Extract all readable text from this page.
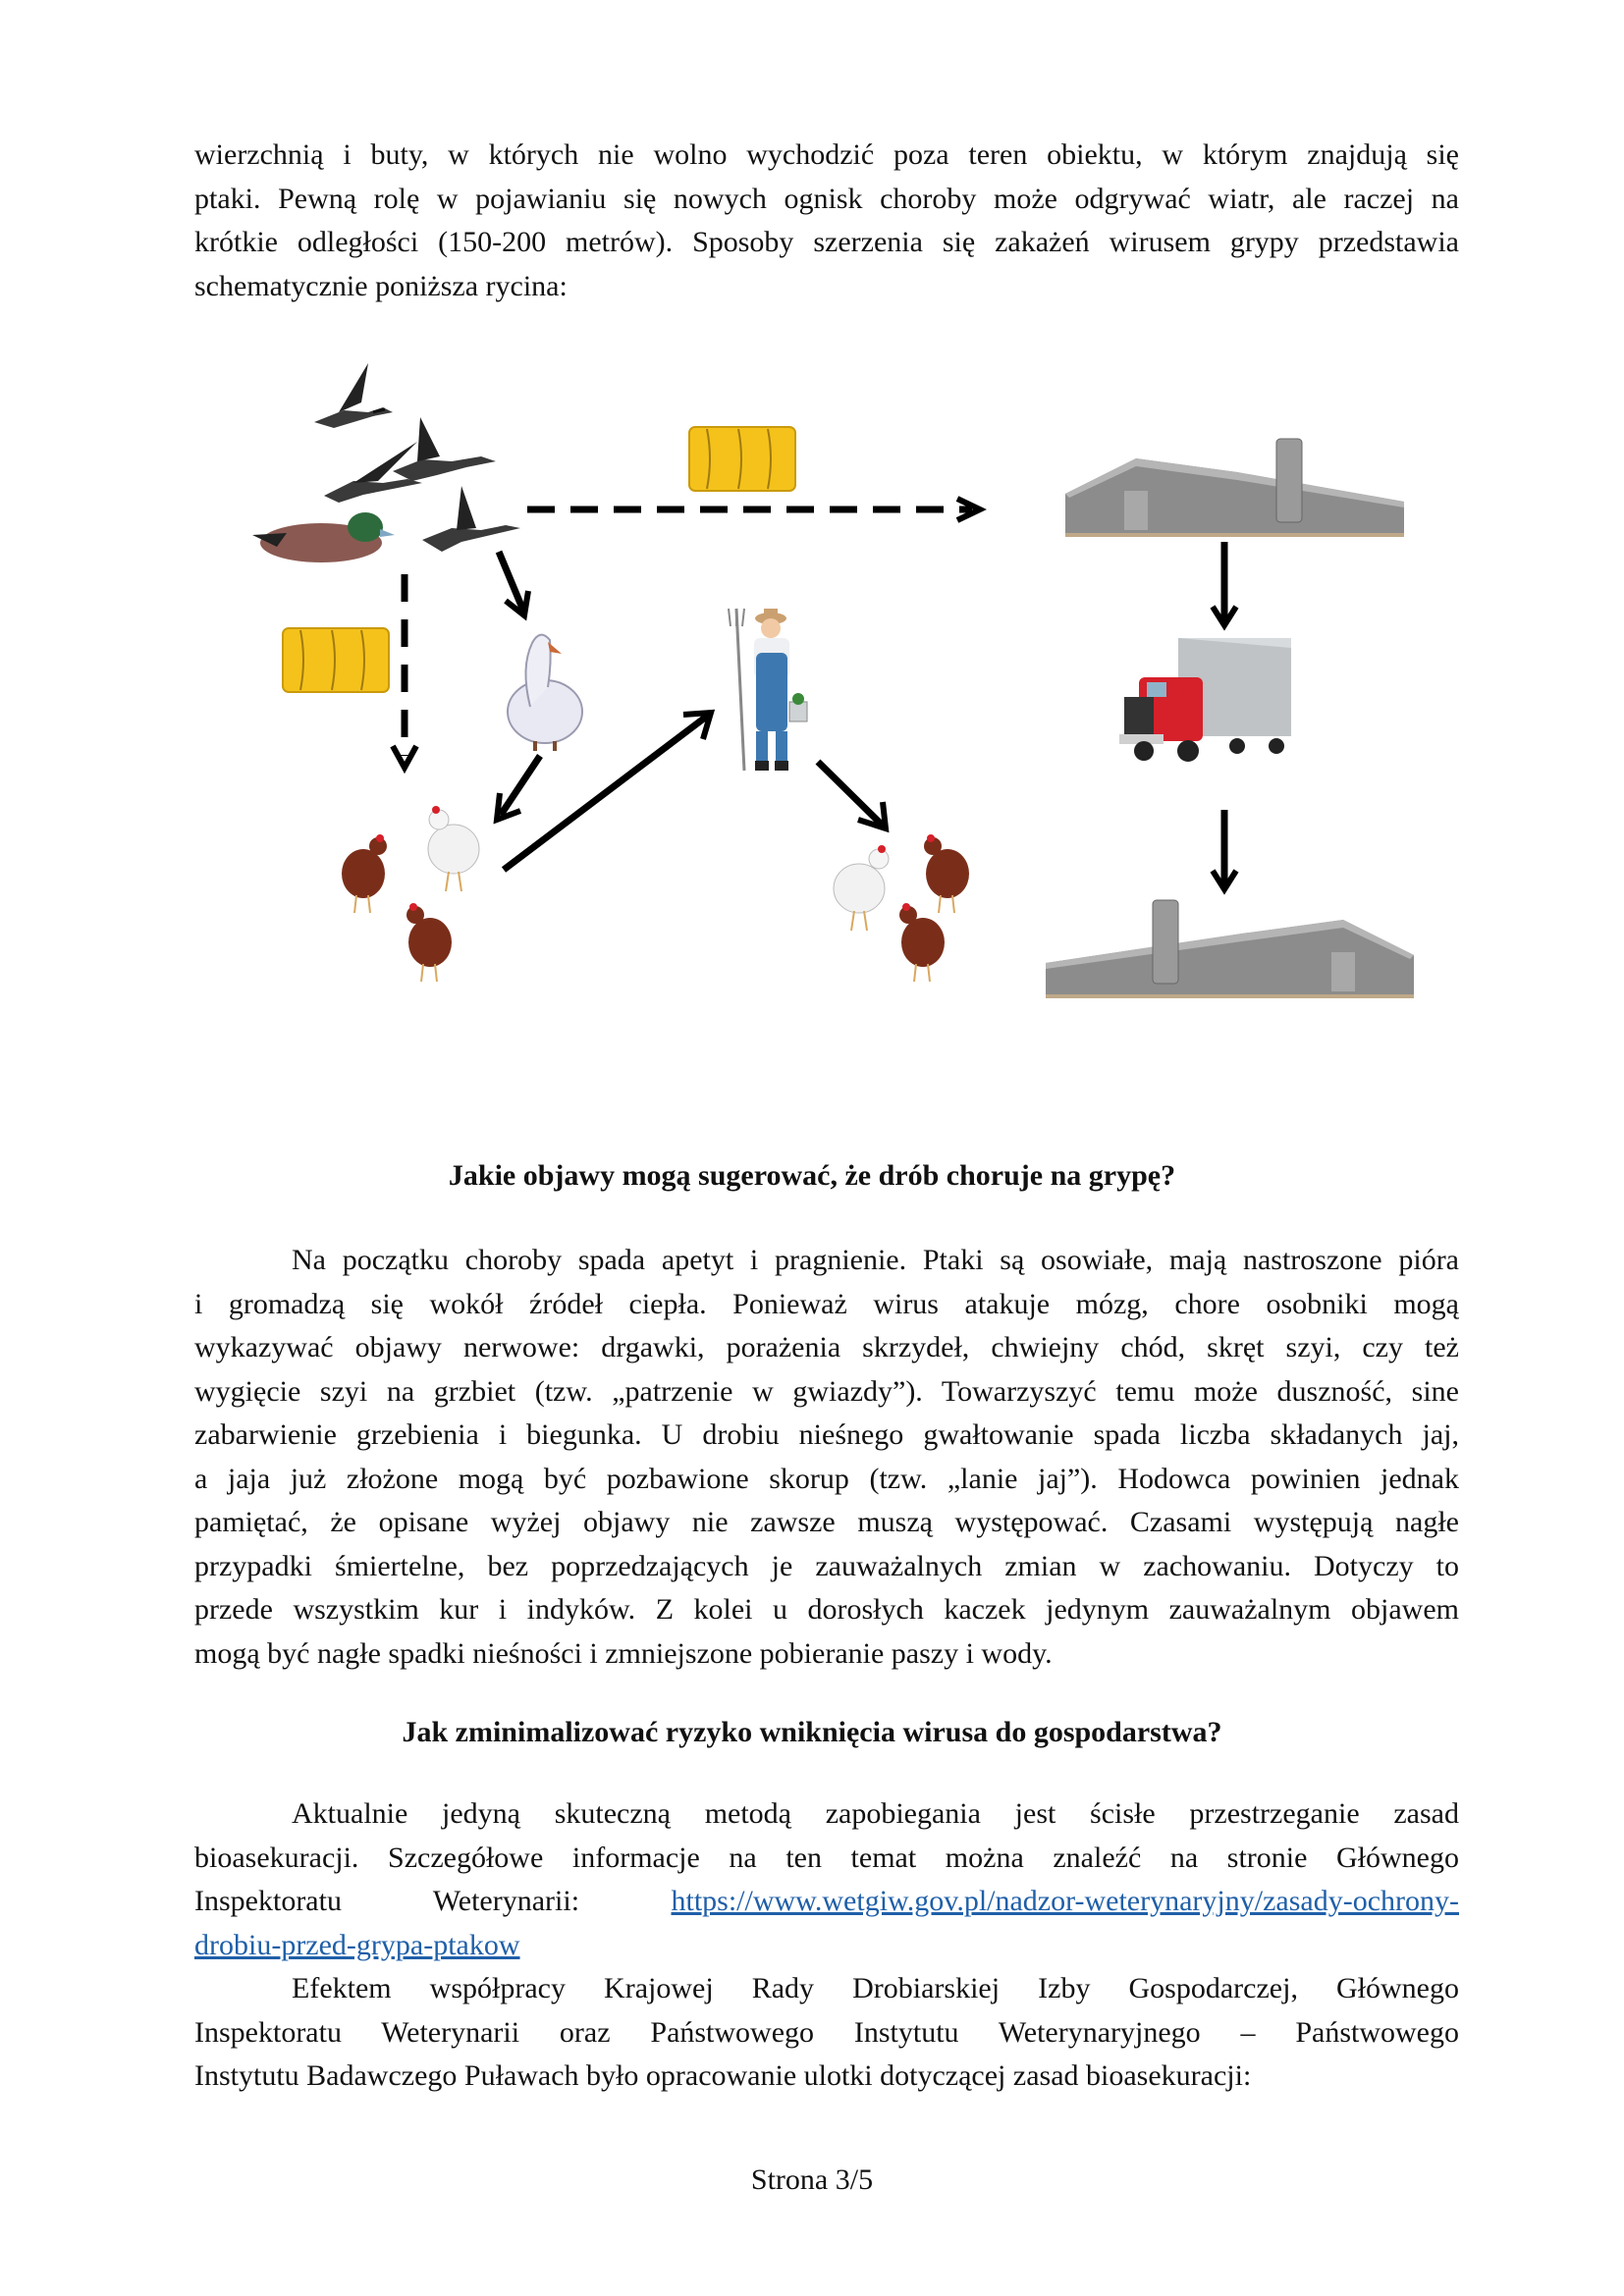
wierzchnią i buty, w których nie wolno wychodzić poza teren obiektu, w którym znajdują się
ptaki. Pewną rolę w pojawianiu się nowych ognisk choroby może odgrywać wiatr, ale raczej na
krótkie odległości (150-200 metrów). Sposoby szerzenia się zakażeń wirusem grypy przedstawia
schematycznie poniższa rycina:
Jakie objawy mogą sugerować, że drób choruje na grypę?
Na początku choroby spada apetyt i pragnienie. Ptaki są osowiałe, mają nastroszone pióra
i gromadzą się wokół źródeł ciepła. Ponieważ wirus atakuje mózg, chore osobniki mogą
wykazywać objawy nerwowe: drgawki, porażenia skrzydeł, chwiejny chód, skręt szyi, czy też
wygięcie szyi na grzbiet (tzw. „patrzenie w gwiazdy”). Towarzyszyć temu może duszność, sine
zabarwienie grzebienia i biegunka. U drobiu nieśnego gwałtowanie spada liczba składanych jaj,
a jaja już złożone mogą być pozbawione skorup (tzw. „lanie jaj”). Hodowca powinien jednak
pamiętać, że opisane wyżej objawy nie zawsze muszą występować. Czasami występują nagłe
przypadki śmiertelne, bez poprzedzających je zauważalnych zmian w zachowaniu. Dotyczy to
przede wszystkim kur i indyków. Z kolei u dorosłych kaczek jedynym zauważalnym objawem
mogą być nagłe spadki nieśności i zmniejszone pobieranie paszy i wody.
Jak zminimalizować ryzyko wniknięcia wirusa do gospodarstwa?
Aktualnie jedyną skuteczną metodą zapobiegania jest ścisłe przestrzeganie zasad
bioasekuracji. Szczegółowe informacje na ten temat można znaleźć na stronie Głównego
Inspektoratu Weterynarii:	https://www.wetgiw.gov.pl/nadzor-weterynaryjny/zasady-ochrony-
drobiu-przed-grypa-ptakow
Efektem współpracy Krajowej Rady Drobiarskiej Izby Gospodarczej, Głównego
Inspektoratu Weterynarii oraz Państwowego Instytutu Weterynaryjnego – Państwowego
Instytutu Badawczego Puławach było opracowanie ulotki dotyczącej zasad bioasekuracji:
Strona 3/5
